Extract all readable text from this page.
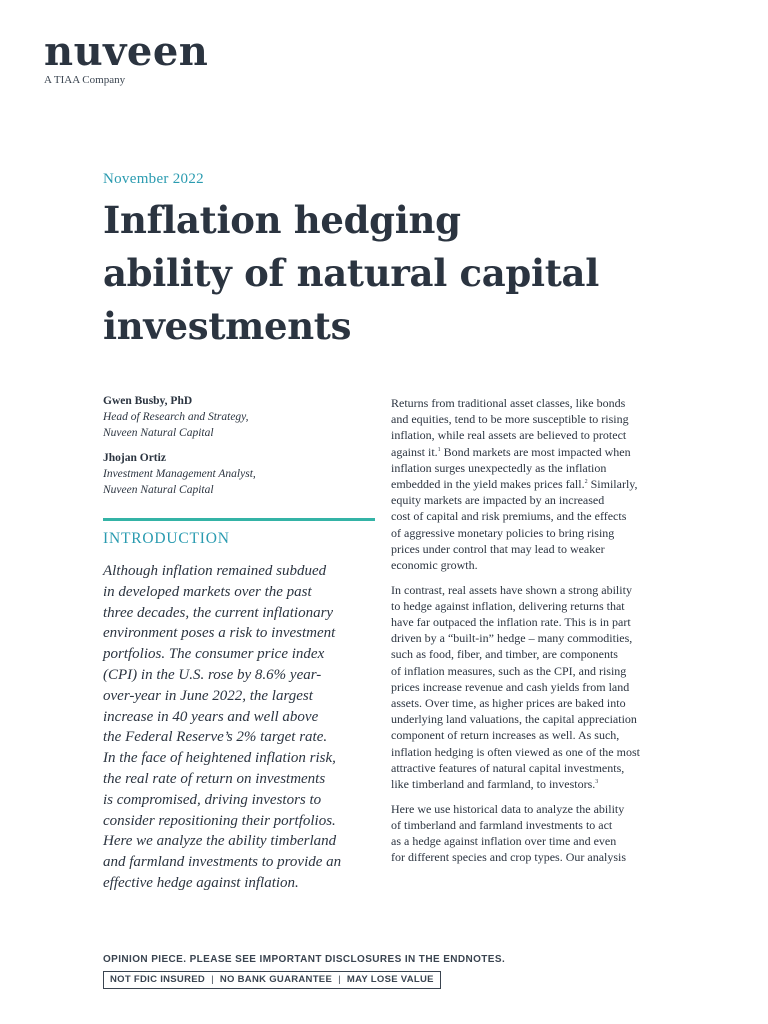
nuveen
A TIAA Company
November 2022
Inflation hedging
ability of natural capital
investments
Gwen Busby, PhD
Head of Research and Strategy,
Nuveen Natural Capital
Jhojan Ortiz
Investment Management Analyst,
Nuveen Natural Capital
INTRODUCTION
Although inflation remained subdued
in developed markets over the past
three decades, the current inflationary
environment poses a risk to investment
portfolios. The consumer price index
(CPI) in the U.S. rose by 8.6% year-
over-year in June 2022, the largest
increase in 40 years and well above
the Federal Reserve’s 2% target rate.
In the face of heightened inflation risk,
the real rate of return on investments
is compromised, driving investors to
consider repositioning their portfolios.
Here we analyze the ability timberland
and farmland investments to provide an
effective hedge against inflation.
Returns from traditional asset classes, like bonds
and equities, tend to be more susceptible to rising
inflation, while real assets are believed to protect
against it.$^1$ Bond markets are most impacted when
inflation surges unexpectedly as the inflation
embedded in the yield makes prices fall.$^2$ Similarly,
equity markets are impacted by an increased
cost of capital and risk premiums, and the effects
of aggressive monetary policies to bring rising
prices under control that may lead to weaker
economic growth.
In contrast, real assets have shown a strong ability
to hedge against inflation, delivering returns that
have far outpaced the inflation rate. This is in part
driven by a “built-in” hedge – many commodities,
such as food, fiber, and timber, are components
of inflation measures, such as the CPI, and rising
prices increase revenue and cash yields from land
assets. Over time, as higher prices are baked into
underlying land valuations, the capital appreciation
component of return increases as well. As such,
inflation hedging is often viewed as one of the most
attractive features of natural capital investments,
like timberland and farmland, to investors.$^3$
Here we use historical data to analyze the ability
of timberland and farmland investments to act
as a hedge against inflation over time and even
for different species and crop types. Our analysis
OPINION PIECE. PLEASE SEE IMPORTANT DISCLOSURES IN THE ENDNOTES.
NOT FDIC INSURED | NO BANK GUARANTEE | MAY LOSE VALUE
